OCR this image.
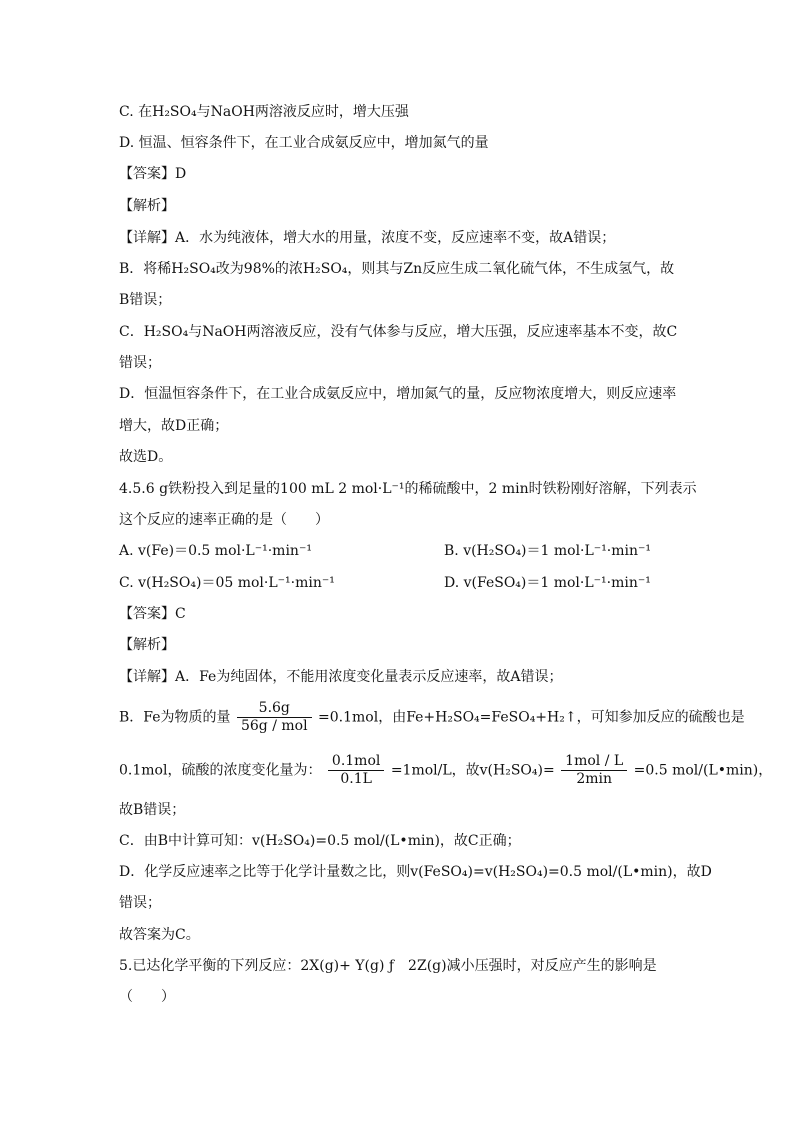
C. 在H₂SO₄与NaOH两溶液反应时，增大压强
D. 恒温、恒容条件下，在工业合成氨反应中，增加氮气的量
【答案】D
【解析】
【详解】A．水为纯液体，增大水的用量，浓度不变，反应速率不变，故A错误；
B．将稀H₂SO₄改为98%的浓H₂SO₄，则其与Zn反应生成二氧化硫气体，不生成氢气，故
B错误；
C．H₂SO₄与NaOH两溶液反应，没有气体参与反应，增大压强，反应速率基本不变，故C
错误；
D．恒温恒容条件下，在工业合成氨反应中，增加氮气的量，反应物浓度增大，则反应速率
增大，故D正确；
故选D。
4.5.6 g铁粉投入到足量的100 mL 2 mol·L⁻¹的稀硫酸中，2 min时铁粉刚好溶解，下列表示
这个反应的速率正确的是（　　）
A. v(Fe)＝0.5 mol·L⁻¹·min⁻¹	B. v(H₂SO₄)＝1 mol·L⁻¹·min⁻¹
C. v(H₂SO₄)＝05 mol·L⁻¹·min⁻¹	D. v(FeSO₄)＝1 mol·L⁻¹·min⁻¹
【答案】C
【解析】
【详解】A．Fe为纯固体，不能用浓度变化量表示反应速率，故A错误；
B．Fe为物质的量 $\frac{5.6g}{\text{56g / mol}} =0.1mol$，由Fe+H₂SO₄=FeSO₄+H₂↑，可知参加反应的硫酸也是
0.1mol，硫酸的浓度变化量为： $\frac{\text{0.1mol}}{0.1L} =1mol/L$，故$v(H_2SO_4)= \frac{\text{1mol / L}}{2\min} =0.5$ mol/(L•min)，
故B错误；
C．由B中计算可知：v(H₂SO₄)=0.5 mol/(L•min)，故C正确；
D．化学反应速率之比等于化学计量数之比，则v(FeSO₄)=v(H₂SO₄)=0.5 mol/(L•min)，故D
错误；
故答案为C。
5.已达化学平衡的下列反应：2X(g)+ Y(g) ƒ　2Z(g)减小压强时，对反应产生的影响是
（　　）
